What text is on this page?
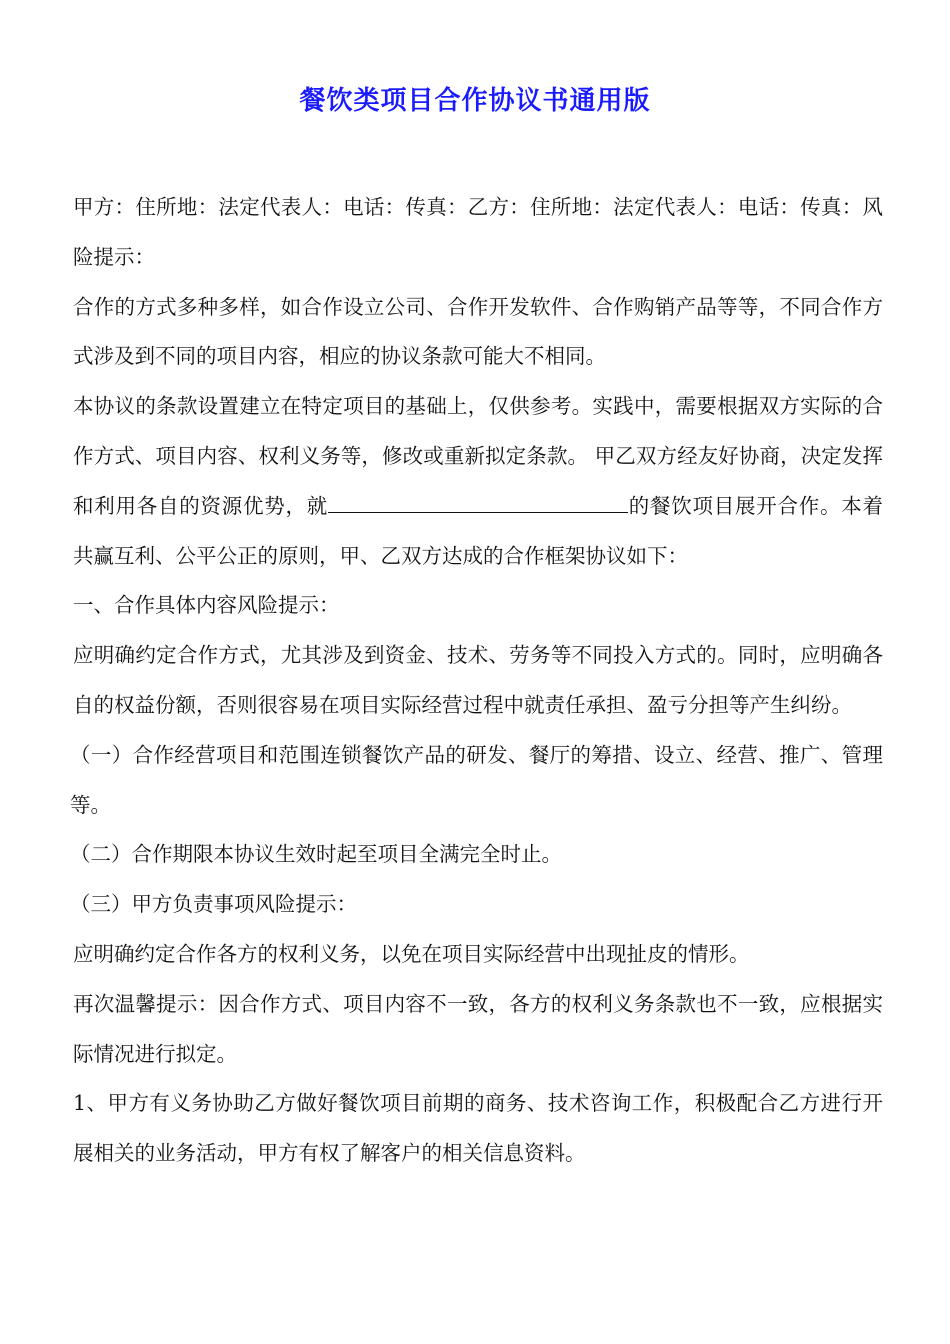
餐饮类项目合作协议书通用版

甲方：住所地：法定代表人：电话：传真：乙方：住所地：法定代表人：电话：传真：风险提示：

合作的方式多种多样，如合作设立公司、合作开发软件、合作购销产品等等，不同合作方式涉及到不同的项目内容，相应的协议条款可能大不相同。

本协议的条款设置建立在特定项目的基础上，仅供参考。实践中，需要根据双方实际的合作方式、项目内容、权利义务等，修改或重新拟定条款。 甲乙双方经友好协商，决定发挥和利用各自的资源优势，就	的餐饮项目展开合作。本着共赢互利、公平公正的原则，甲、乙双方达成的合作框架协议如下：

一、合作具体内容风险提示：

应明确约定合作方式，尤其涉及到资金、技术、劳务等不同投入方式的。同时，应明确各自的权益份额，否则很容易在项目实际经营过程中就责任承担、盈亏分担等产生纠纷。

（一）合作经营项目和范围连锁餐饮产品的研发、餐厅的筹措、设立、经营、推广、管理等。

（二）合作期限本协议生效时起至项目全满完全时止。

（三）甲方负责事项风险提示：

应明确约定合作各方的权利义务，以免在项目实际经营中出现扯皮的情形。

再次温馨提示：因合作方式、项目内容不一致，各方的权利义务条款也不一致，应根据实际情况进行拟定。

1、甲方有义务协助乙方做好餐饮项目前期的商务、技术咨询工作，积极配合乙方进行开展相关的业务活动，甲方有权了解客户的相关信息资料。
